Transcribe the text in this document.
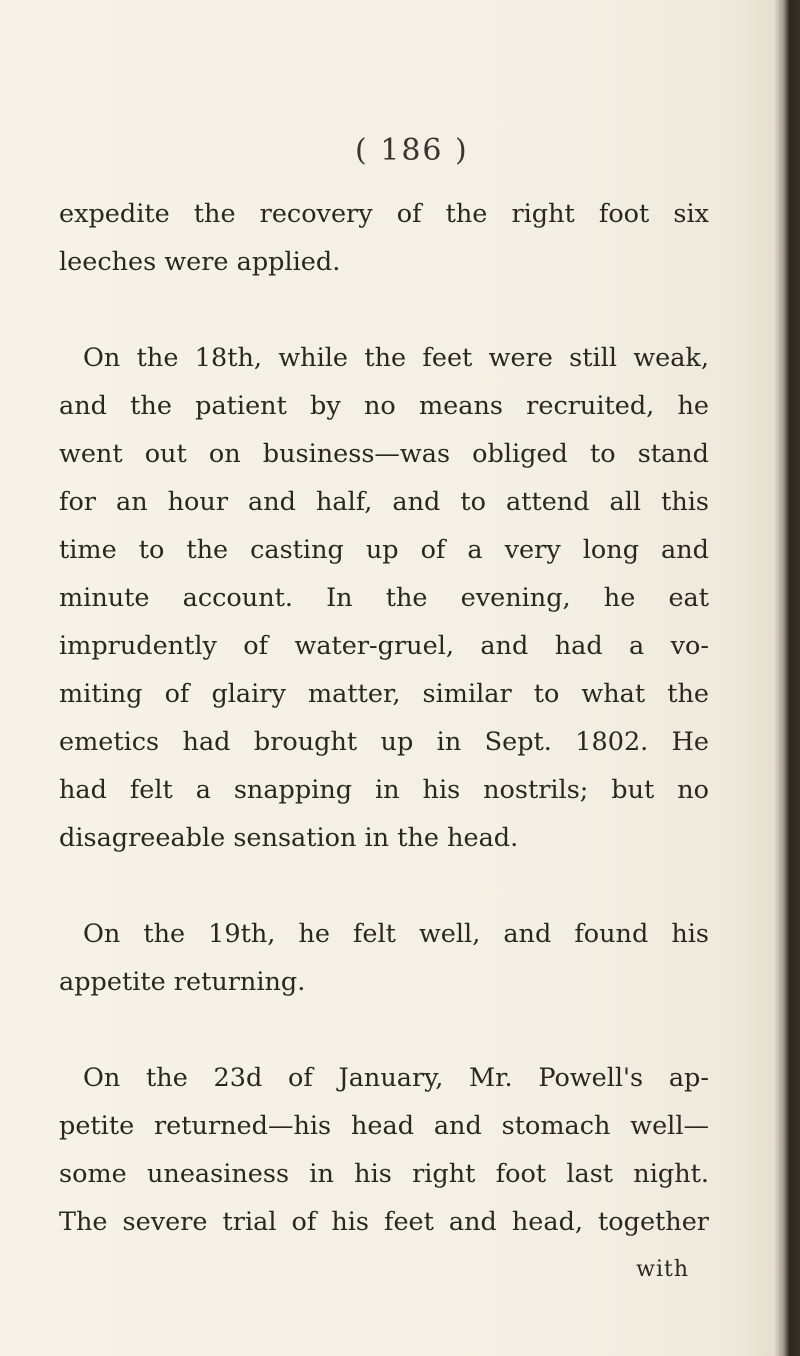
( 186 )
expedite the recovery of the right foot six
leeches were applied.
On the 18th, while the feet were still weak,
and the patient by no means recruited, he
went out on business—was obliged to stand
for an hour and half, and to attend all this
time to the casting up of a very long and
minute account. In the evening, he eat
imprudently of water-gruel, and had a vo-
miting of glairy matter, similar to what the
emetics had brought up in Sept. 1802. He
had felt a snapping in his nostrils; but no
disagreeable sensation in the head.
On the 19th, he felt well, and found his
appetite returning.
On the 23d of January, Mr. Powell's ap-
petite returned—his head and stomach well—
some uneasiness in his right foot last night.
The severe trial of his feet and head, together
with
